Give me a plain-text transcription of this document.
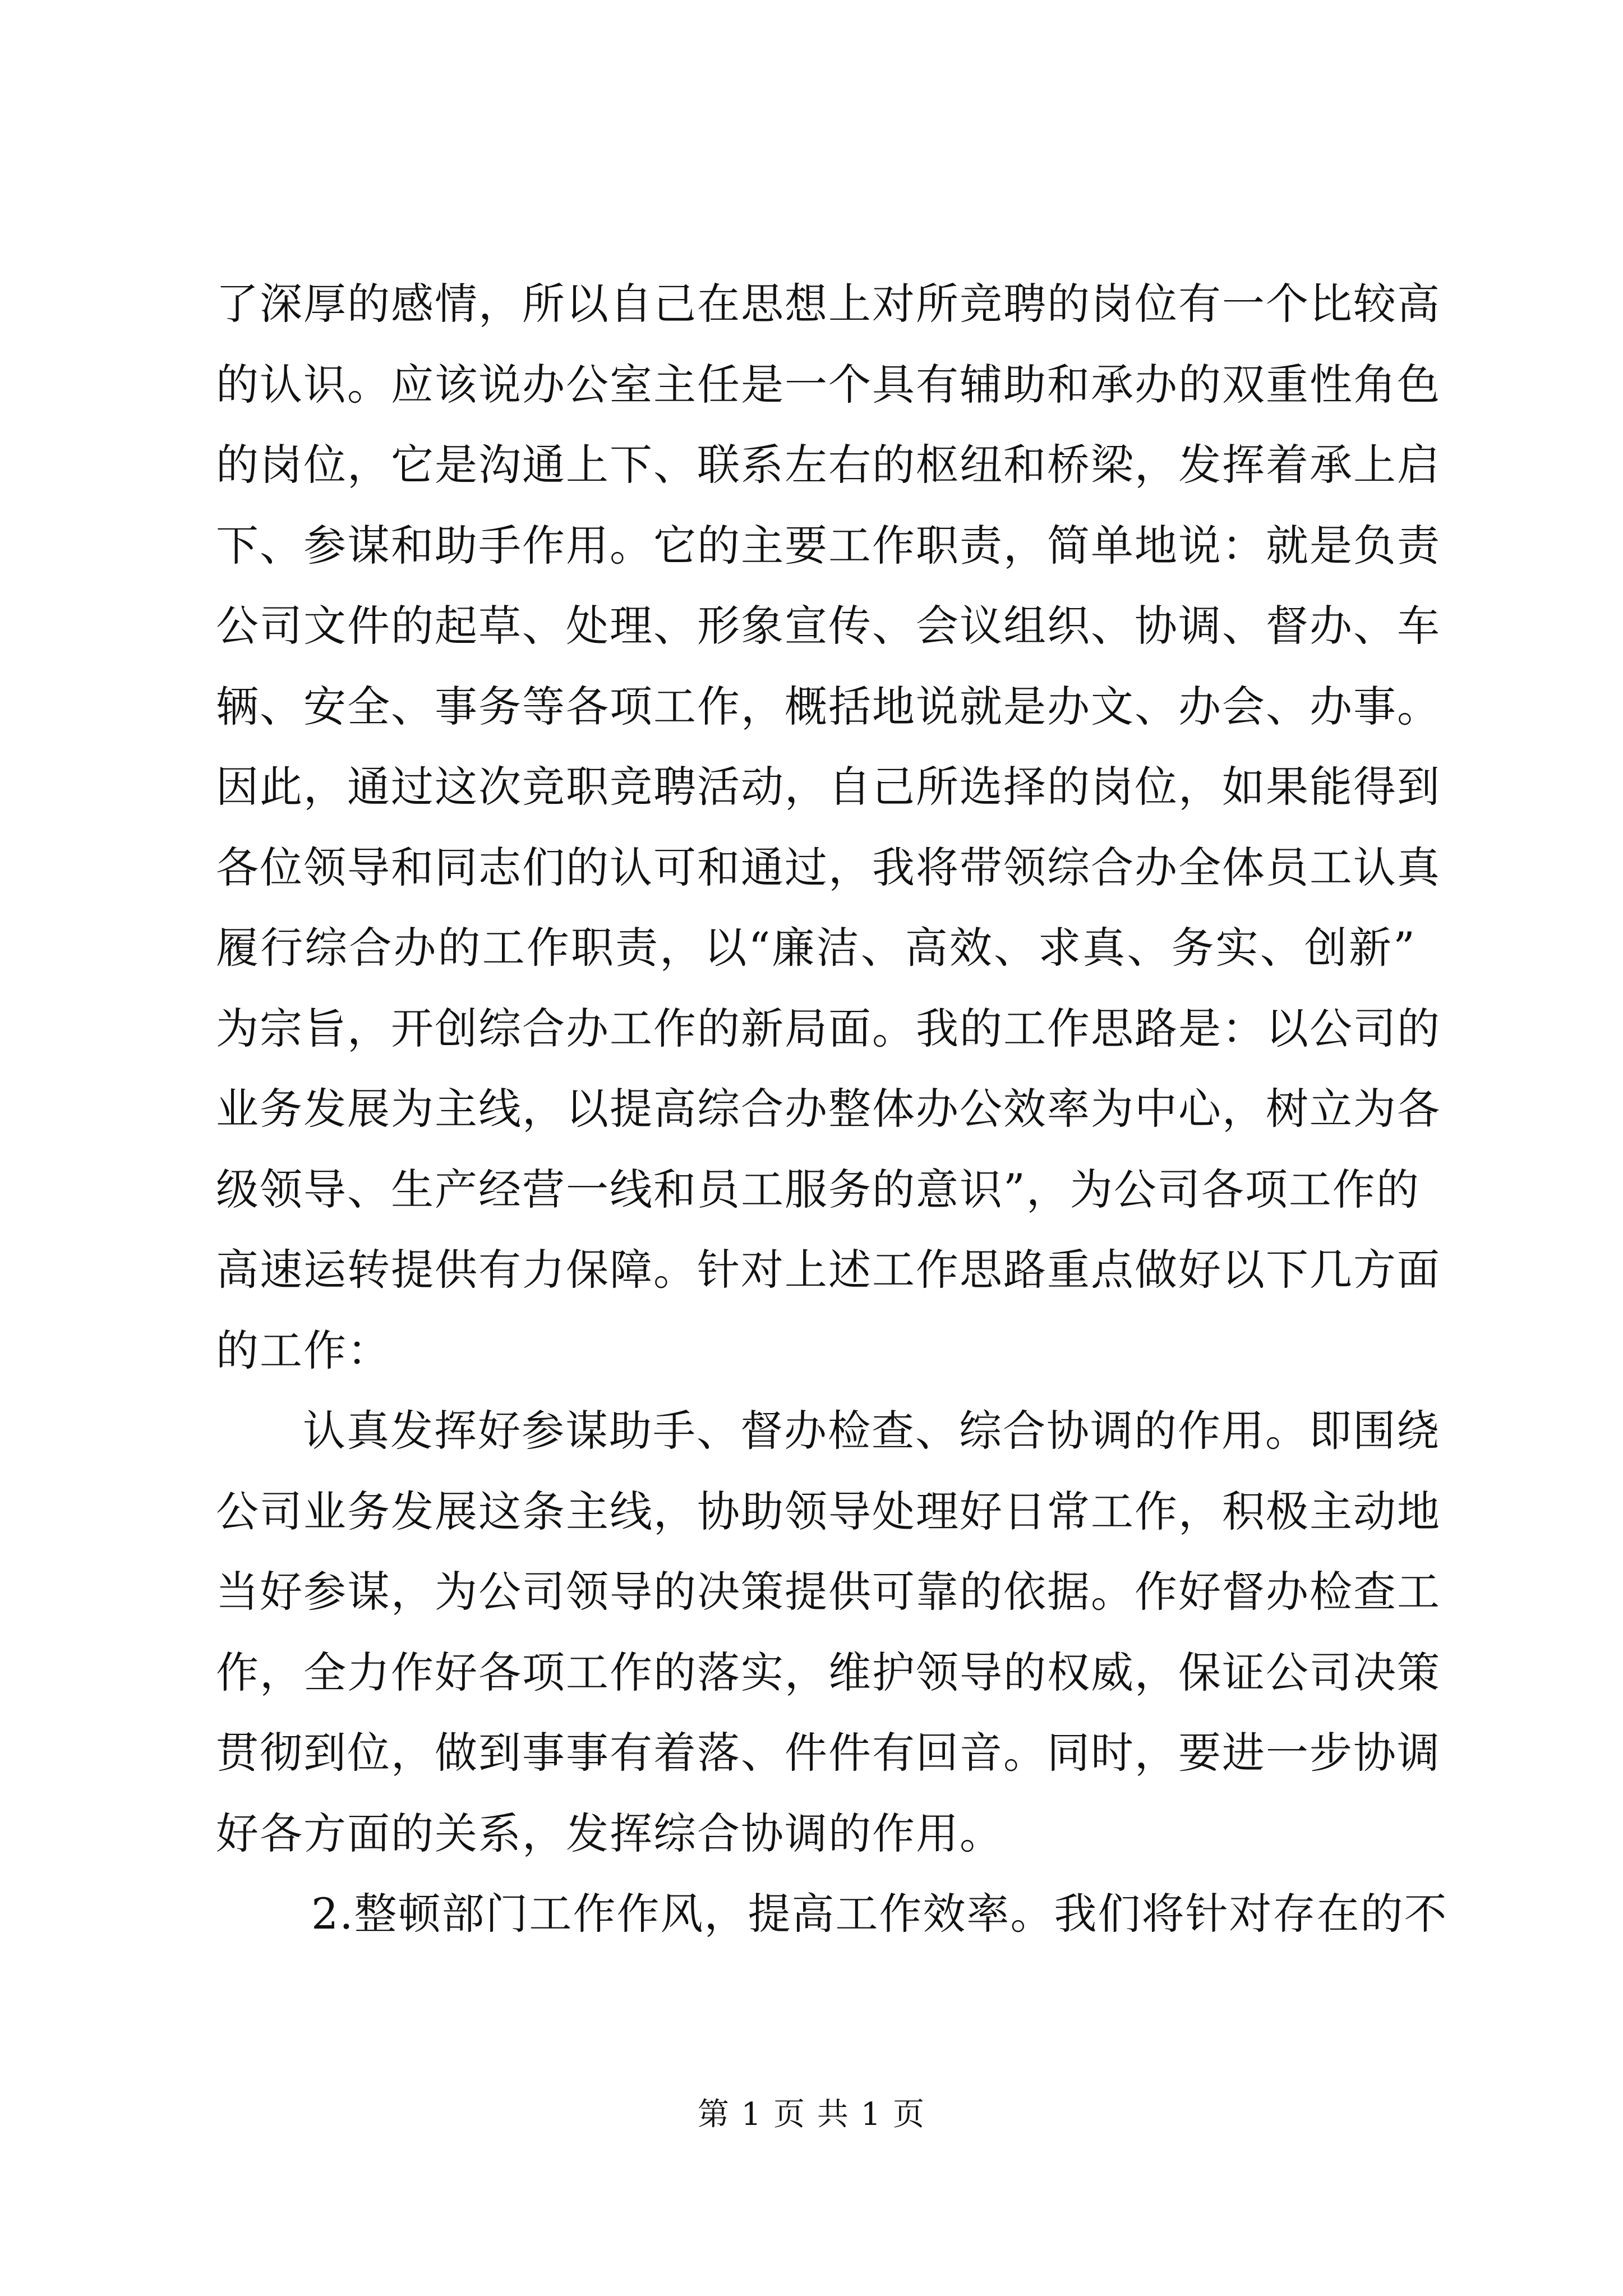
了深厚的感情，所以自己在思想上对所竞聘的岗位有一个比较高
的认识。应该说办公室主任是一个具有辅助和承办的双重性角色
的岗位，它是沟通上下、联系左右的枢纽和桥梁，发挥着承上启
下、参谋和助手作用。它的主要工作职责，简单地说：就是负责
公司文件的起草、处理、形象宣传、会议组织、协调、督办、车
辆、安全、事务等各项工作，概括地说就是办文、办会、办事。
因此，通过这次竞职竞聘活动，自己所选择的岗位，如果能得到
各位领导和同志们的认可和通过，我将带领综合办全体员工认真
履行综合办的工作职责，以“廉洁、高效、求真、务实、创新”
为宗旨，开创综合办工作的新局面。我的工作思路是：以公司的
业务发展为主线，以提高综合办整体办公效率为中心，树立为各
级领导、生产经营一线和员工服务的意识”，为公司各项工作的
高速运转提供有力保障。针对上述工作思路重点做好以下几方面
的工作：
认真发挥好参谋助手、督办检查、综合协调的作用。即围绕
公司业务发展这条主线，协助领导处理好日常工作，积极主动地
当好参谋，为公司领导的决策提供可靠的依据。作好督办检查工
作，全力作好各项工作的落实，维护领导的权威，保证公司决策
贯彻到位，做到事事有着落、件件有回音。同时，要进一步协调
好各方面的关系，发挥综合协调的作用。
2.整顿部门工作作风，提高工作效率。我们将针对存在的不
第 1 页 共 1 页
